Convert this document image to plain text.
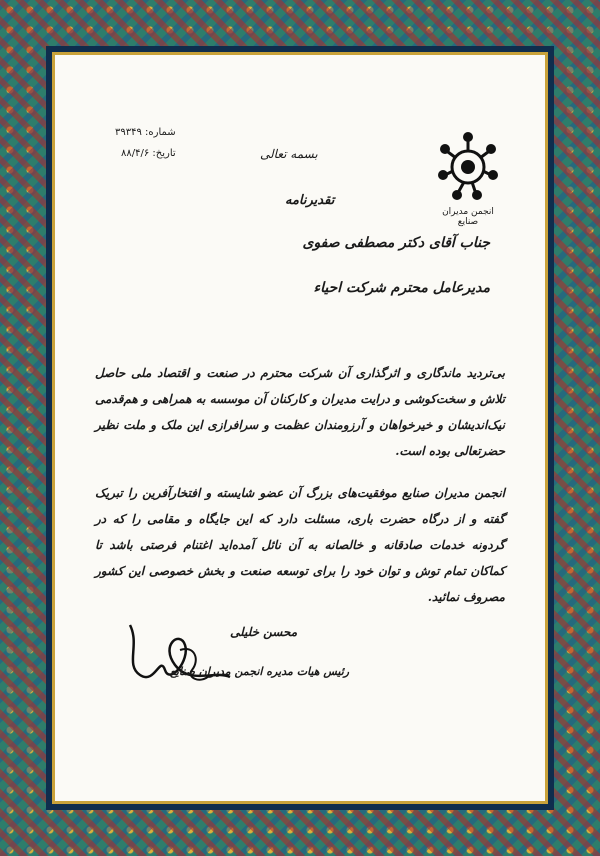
شماره: ۳۹۳۴۹
تاریخ: ۸۸/۴/۶
انجمن مدیران صنایع
بسمه تعالی
تقدیرنامه
جناب آقای دکتر مصطفی صفوی
مدیرعامل محترم شرکت احیاء
بی‌تردید ماندگاری و اثرگذاری آن شرکت محترم در صنعت و اقتصاد ملی حاصل تلاش و سخت‌کوشی و درایت مدیران و کارکنان آن موسسه به همراهی و هم‌قدمی نیک‌اندیشان و خیرخواهان و آرزومندان عظمت و سرافرازی این ملک و ملت نظیر حضرتعالی بوده است.
انجمن مدیران صنایع موفقیت‌های بزرگ آن عضو شایسته و افتخارآفرین را تبریک گفته و از درگاه حضرت باری، مسئلت دارد که این جایگاه و مقامی را که در گردونه خدمات صادقانه و خالصانه به آن نائل آمده‌اید اغتنام فرصتی باشد تا کماکان تمام توش و توان خود را برای توسعه صنعت و بخش خصوصی این کشور مصروف نمائید.
محسن خلیلی
رئیس هیات مدیره انجمن مدیران صنایع
